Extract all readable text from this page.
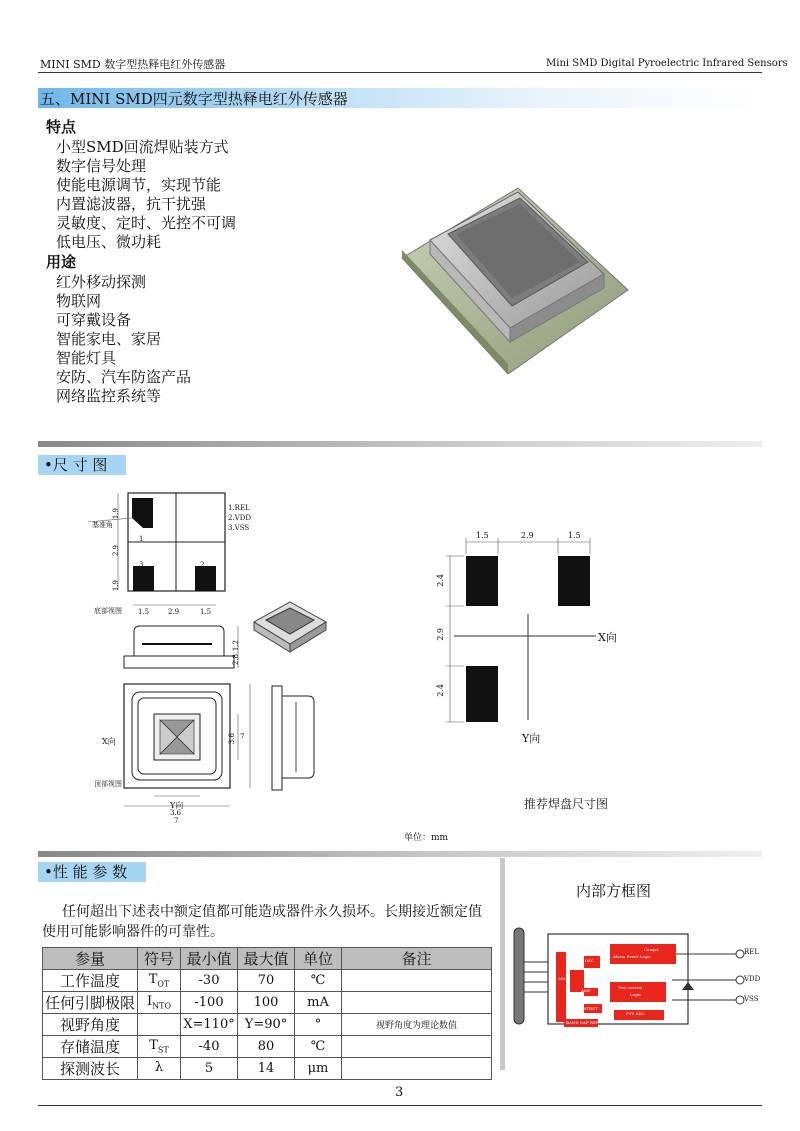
MINI SMD 数字型热释电红外传感器	Mini SMD Digital Pyroelectric Infrared Sensors
五、MINI SMD四元数字型热释电红外传感器
特点
小型SMD回流焊贴装方式
数字信号处理
使能电源调节，实现节能
内置滤波器，抗干扰强
灵敏度、定时、光控不可调
低电压、微功耗
用途
红外移动探测
物联网
可穿戴设备
智能家电、家居
智能灯具
安防、汽车防盗产品
网络监控系统等
•尺 寸 图
基准角
1.9
2.9
1.9
1
3	2
1.REL
2.VDD
3.VSS
底部视图 1.5	2.9	1.5
1.2
2.8
X向
顶部视图
Y向
3.6
7
3.6 7
1.5	2.9	1.5
2.4
2.9
2.4
X向
Y向
推荐焊盘尺寸图
单位：mm
•性 能 参 数
任何超出下述表中额定值都可能造成器件永久损坏。长期接近额定值使用可能影响器件的可靠性。
参量	符号	最小值	最大值	单位	备注
工作温度	$T_{OT}$	-30	70	℃	
任何引脚极限	$I_{NTO}$	-100	100	mA	
视野角度		X=110°	Y=90°	°	视野角度为理论数值
存储温度	$T_{ST}$	-40	80	℃	
探测波长	λ	5	14	μm	
内部方框图
REL
VDD
VSS
CompA
Alarm Event Logic
Test control
Logic
PTV ADC
BAND GAP REF
OSC
ADC
AMP
NTRST
3
